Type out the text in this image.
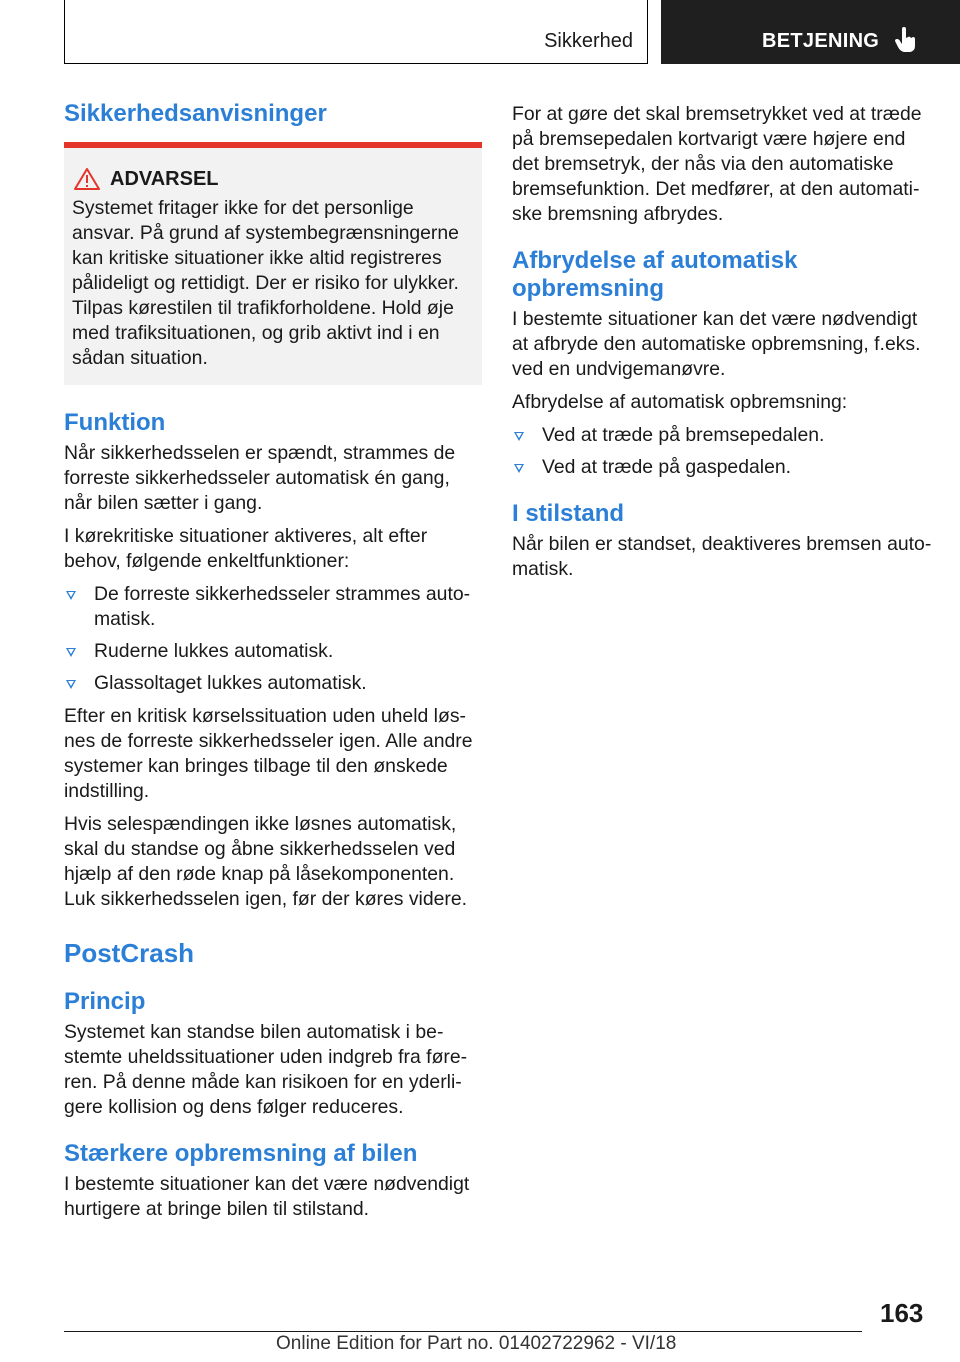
Sikkerhed	BETJENING
Sikkerhedsanvisninger
ADVARSEL

Systemet fritager ikke for det personlige ansvar. På grund af systembegrænsningerne kan kritiske situationer ikke altid registreres pålideligt og rettidigt. Der er risiko for ulykker. Tilpas kørestilen til trafikforholdene. Hold øje med trafiksituationen, og grib aktivt ind i en sådan situation.

Funktion

Når sikkerhedsselen er spændt, strammes de forreste sikkerhedsseler automatisk én gang, når bilen sætter i gang.

I kørekritiske situationer aktiveres, alt efter behov, følgende enkeltfunktioner:

De forreste sikkerhedsseler strammes automatisk.
Ruderne lukkes automatisk.
Glassoltaget lukkes automatisk.

Efter en kritisk kørselssituation uden uheld løsnes de forreste sikkerhedsseler igen. Alle andre systemer kan bringes tilbage til den ønskede indstilling.

Hvis selespændingen ikke løsnes automatisk, skal du standse og åbne sikkerhedsselen ved hjælp af den røde knap på låsekomponenten. Luk sikkerhedsselen igen, før der køres videre.

PostCrash
Princip

Systemet kan standse bilen automatisk i bestemte uheldssituationer uden indgreb fra føreren. På denne måde kan risikoen for en yderligere kollision og dens følger reduceres.

Stærkere opbremsning af bilen

I bestemte situationer kan det være nødvendigt hurtigere at bringe bilen til stilstand.

For at gøre det skal bremsetrykket ved at træde på bremsepedalen kortvarigt være højere end det bremsetryk, der nås via den automatiske bremsefunktion. Det medfører, at den automatiske bremsning afbrydes.

Afbrydelse af automatisk opbremsning

I bestemte situationer kan det være nødvendigt at afbryde den automatiske opbremsning, f.eks. ved en undvigemanøvre.

Afbrydelse af automatisk opbremsning:

Ved at træde på bremsepedalen.
Ved at træde på gaspedalen.
I stilstand

Når bilen er standset, deaktiveres bremsen automatisk.

163
Online Edition for Part no. 01402722962 - VI/18
